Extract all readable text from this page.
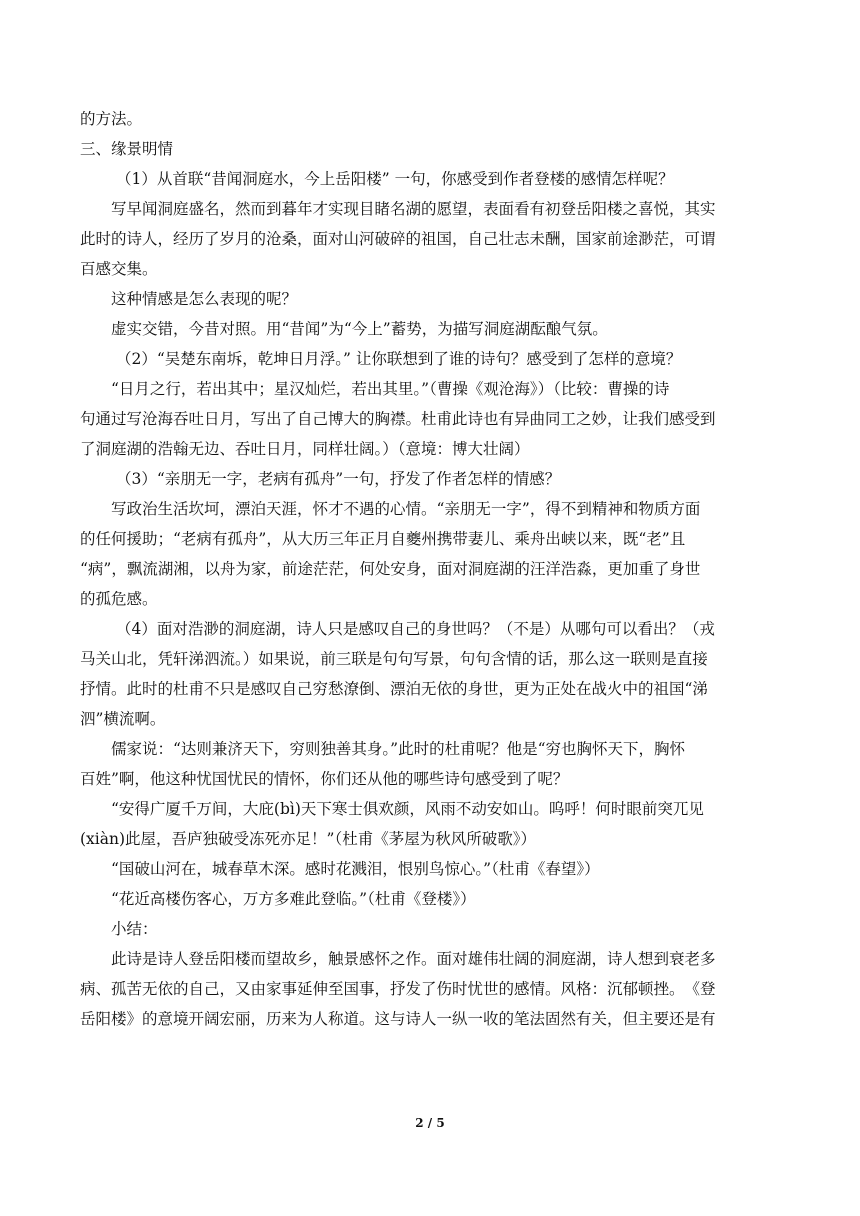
的方法。
三、缘景明情
（1）从首联“昔闻洞庭水，今上岳阳楼” 一句，你感受到作者登楼的感情怎样呢？
写早闻洞庭盛名，然而到暮年才实现目睹名湖的愿望，表面看有初登岳阳楼之喜悦，其实
此时的诗人，经历了岁月的沧桑，面对山河破碎的祖国，自己壮志未酬，国家前途渺茫，可谓
百感交集。
这种情感是怎么表现的呢？
虚实交错，今昔对照。用“昔闻”为“今上”蓄势，为描写洞庭湖酝酿气氛。
（2）“吴楚东南坼，乾坤日月浮。” 让你联想到了谁的诗句？感受到了怎样的意境？
“日月之行，若出其中；星汉灿烂，若出其里。”（曹操《观沧海》）（比较：曹操的诗
句通过写沧海吞吐日月，写出了自己博大的胸襟。杜甫此诗也有异曲同工之妙，让我们感受到
了洞庭湖的浩翰无边、吞吐日月，同样壮阔。）（意境：博大壮阔）
（3）“亲朋无一字，老病有孤舟”一句，抒发了作者怎样的情感？
写政治生活坎坷，漂泊天涯，怀才不遇的心情。“亲朋无一字”，得不到精神和物质方面
的任何援助；“老病有孤舟”，从大历三年正月自夔州携带妻儿、乘舟出峡以来，既“老”且
“病”，飘流湖湘，以舟为家，前途茫茫，何处安身，面对洞庭湖的汪洋浩淼，更加重了身世
的孤危感。
（4）面对浩渺的洞庭湖，诗人只是感叹自己的身世吗？（不是）从哪句可以看出？（戎
马关山北，凭轩涕泗流。）如果说，前三联是句句写景，句句含情的话，那么这一联则是直接
抒情。此时的杜甫不只是感叹自己穷愁潦倒、漂泊无依的身世，更为正处在战火中的祖国“涕
泗”横流啊。
儒家说：“达则兼济天下，穷则独善其身。”此时的杜甫呢？他是“穷也胸怀天下，胸怀
百姓”啊，他这种忧国忧民的情怀，你们还从他的哪些诗句感受到了呢？
“安得广厦千万间，大庇(bì)天下寒士俱欢颜，风雨不动安如山。呜呼！何时眼前突兀见
(xiàn)此屋，吾庐独破受冻死亦足！”（杜甫《茅屋为秋风所破歌》）
“国破山河在，城春草木深。感时花溅泪，恨别鸟惊心。”（杜甫《春望》）
“花近高楼伤客心，万方多难此登临。”（杜甫《登楼》）
小结：
此诗是诗人登岳阳楼而望故乡，触景感怀之作。面对雄伟壮阔的洞庭湖，诗人想到衰老多
病、孤苦无依的自己，又由家事延伸至国事，抒发了伤时忧世的感情。风格：沉郁顿挫。　《登
岳阳楼》的意境开阔宏丽，历来为人称道。这与诗人一纵一收的笔法固然有关，但主要还是有
2 / 5
